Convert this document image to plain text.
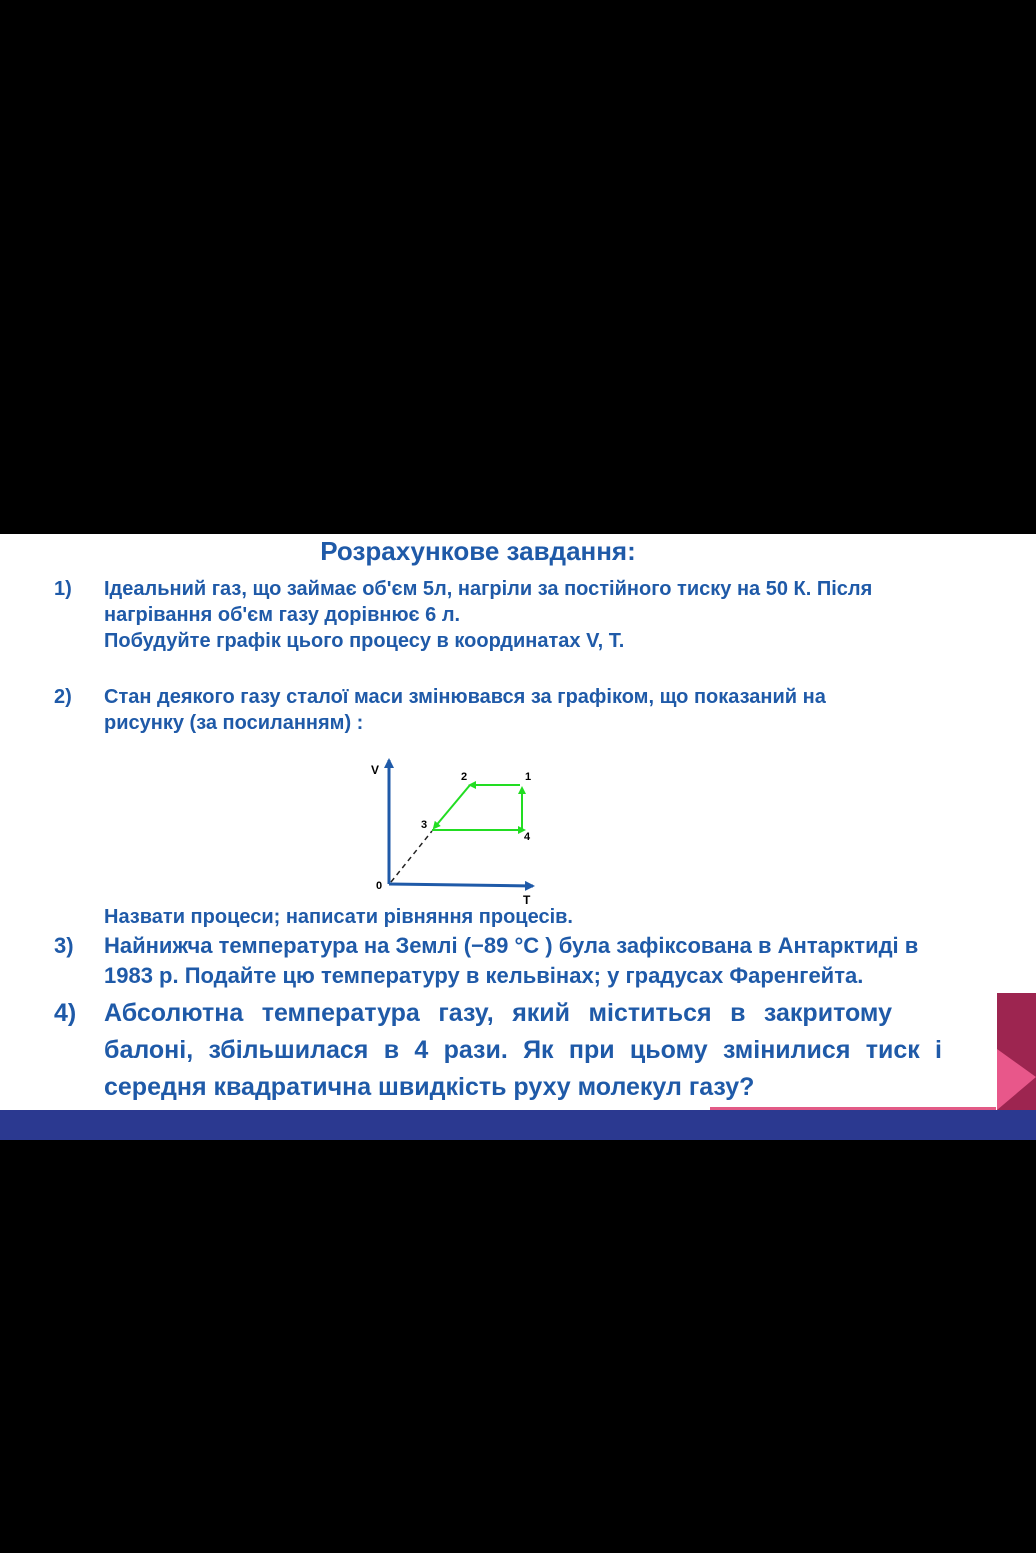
Розрахункове завдання:
1) Ідеальний газ, що займає об'єм 5л, нагріли за постійного тиску на 50 К. Після
нагрівання об'єм газу дорівнює 6 л.
Побудуйте графік цього процесу в координатах V, T.
2) Стан деякого газу сталої маси змінювався за графіком, що показаний на
рисунку (за посиланням) :
V
T
0
1
2
3
4
Назвати процеси; написати рівняння процесів.
3) Найнижча температура на Землі (−89 °С ) була зафіксована в Антарктиді в
1983 р. Подайте цю температуру в кельвінах; у градусах Фаренгейта.
4) Абсолютна температура газу, який міститься в закритому
балоні, збільшилася в 4 рази. Як при цьому змінилися тиск і
середня квадратична швидкість руху молекул газу?
